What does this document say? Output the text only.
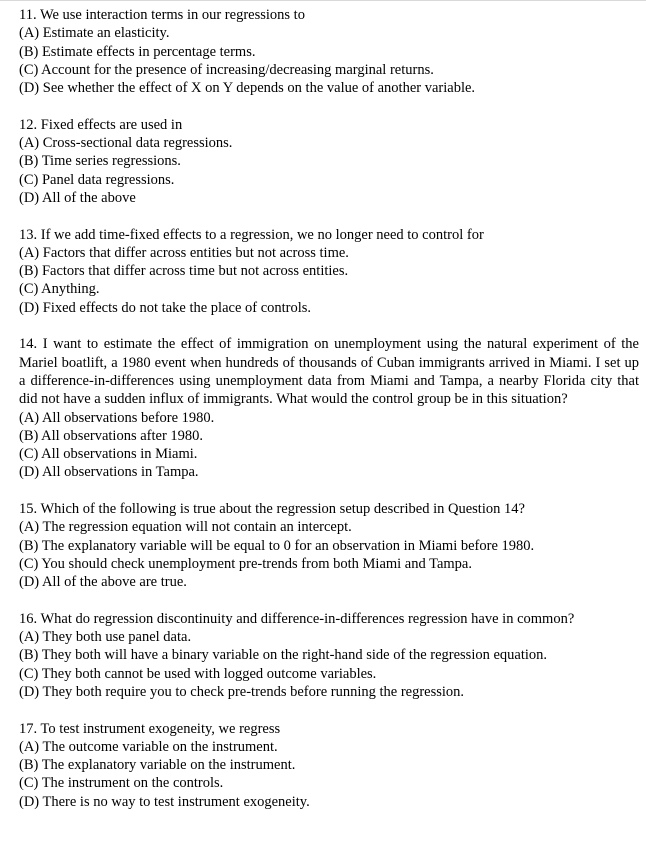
11. We use interaction terms in our regressions to

(A) Estimate an elasticity.

(B) Estimate effects in percentage terms.

(C) Account for the presence of increasing/decreasing marginal returns.

(D) See whether the effect of X on Y depends on the value of another variable.

12. Fixed effects are used in

(A) Cross-sectional data regressions.

(B) Time series regressions.

(C) Panel data regressions.

(D) All of the above

13. If we add time-fixed effects to a regression, we no longer need to control for

(A) Factors that differ across entities but not across time.

(B) Factors that differ across time but not across entities.

(C) Anything.

(D) Fixed effects do not take the place of controls.

14. I want to estimate the effect of immigration on unemployment using the natural experiment of the Mariel boatlift, a 1980 event when hundreds of thousands of Cuban immigrants arrived in Miami. I set up a difference-in-differences using unemployment data from Miami and Tampa, a nearby Florida city that did not have a sudden influx of immigrants. What would the control group be in this situation?

(A) All observations before 1980.

(B) All observations after 1980.

(C) All observations in Miami.

(D) All observations in Tampa.

15. Which of the following is true about the regression setup described in Question 14?

(A) The regression equation will not contain an intercept.

(B) The explanatory variable will be equal to 0 for an observation in Miami before 1980.

(C) You should check unemployment pre-trends from both Miami and Tampa.

(D) All of the above are true.

16. What do regression discontinuity and difference-in-differences regression have in common?

(A) They both use panel data.

(B) They both will have a binary variable on the right-hand side of the regression equation.

(C) They both cannot be used with logged outcome variables.

(D) They both require you to check pre-trends before running the regression.

17. To test instrument exogeneity, we regress

(A) The outcome variable on the instrument.

(B) The explanatory variable on the instrument.

(C) The instrument on the controls.

(D) There is no way to test instrument exogeneity.
